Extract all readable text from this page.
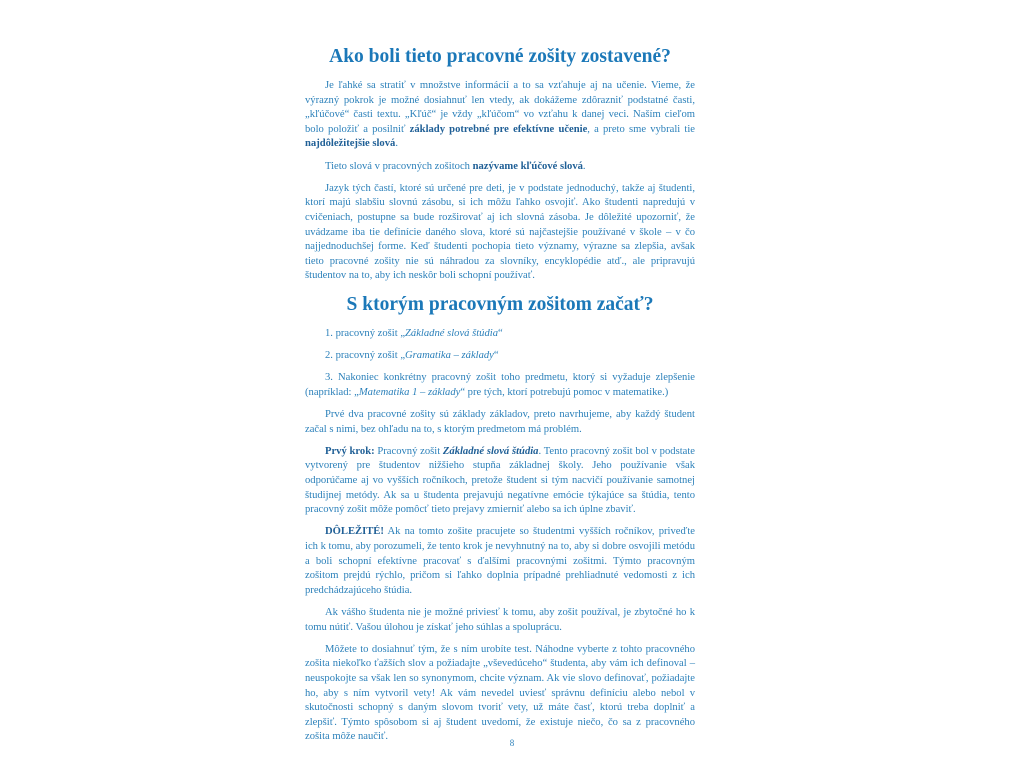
Ako boli tieto pracovné zošity zostavené?

Je ľahké sa stratiť v množstve informácií a to sa vzťahuje aj na učenie. Vieme, že výrazný pokrok je možné dosiahnuť len vtedy, ak dokážeme zdôrazniť podstatné časti, „kľúčové“ časti textu. „Kľúč“ je vždy „kľúčom“ vo vzťahu k danej veci. Naším cieľom bolo položiť a posilniť základy potrebné pre efektívne učenie, a preto sme vybrali tie najdôležitejšie slová.

Tieto slová v pracovných zošitoch nazývame kľúčové slová.

Jazyk tých častí, ktoré sú určené pre deti, je v podstate jednoduchý, takže aj študenti, ktorí majú slabšiu slovnú zásobu, si ich môžu ľahko osvojiť. Ako študenti napredujú v cvičeniach, postupne sa bude rozširovať aj ich slovná zásoba. Je dôležité upozorniť, že uvádzame iba tie definície daného slova, ktoré sú najčastejšie používané v škole – v čo najjednoduchšej forme. Keď študenti pochopia tieto významy, výrazne sa zlepšia, avšak tieto pracovné zošity nie sú náhradou za slovníky, encyklopédie atď., ale pripravujú študentov na to, aby ich neskôr boli schopní používať.

S ktorým pracovným zošitom začať?

1. pracovný zošit „Základné slová štúdia“

2. pracovný zošit „Gramatika – základy“

3. Nakoniec konkrétny pracovný zošit toho predmetu, ktorý si vyžaduje zlepšenie (napríklad: „Matematika 1 – základy“ pre tých, ktorí potrebujú pomoc v matematike.)

Prvé dva pracovné zošity sú základy základov, preto navrhujeme, aby každý študent začal s nimi, bez ohľadu na to, s ktorým predmetom má problém.

Prvý krok: Pracovný zošit Základné slová štúdia. Tento pracovný zošit bol v podstate vytvorený pre študentov nižšieho stupňa základnej školy. Jeho používanie však odporúčame aj vo vyšších ročníkoch, pretože študent si tým nacvičí používanie samotnej študijnej metódy. Ak sa u študenta prejavujú negatívne emócie týkajúce sa štúdia, tento pracovný zošit môže pomôcť tieto prejavy zmierniť alebo sa ich úplne zbaviť.

DÔLEŽITÉ! Ak na tomto zošite pracujete so študentmi vyšších ročníkov, priveďte ich k tomu, aby porozumeli, že tento krok je nevyhnutný na to, aby si dobre osvojili metódu a boli schopní efektívne pracovať s ďalšími pracovnými zošitmi. Týmto pracovným zošitom prejdú rýchlo, pričom si ľahko doplnia prípadné prehliadnuté vedomosti z ich predchádzajúceho štúdia.

Ak vášho študenta nie je možné priviesť k tomu, aby zošit používal, je zbytočné ho k tomu nútiť. Vašou úlohou je získať jeho súhlas a spoluprácu.

Môžete to dosiahnuť tým, že s ním urobíte test. Náhodne vyberte z tohto pracovného zošita niekoľko ťažších slov a požiadajte „vševedúceho“ študenta, aby vám ich definoval – neuspokojte sa však len so synonymom, chcite význam. Ak vie slovo definovať, požiadajte ho, aby s ním vytvoril vety! Ak vám nevedel uviesť správnu definíciu alebo nebol v skutočnosti schopný s daným slovom tvoriť vety, už máte časť, ktorú treba doplniť a zlepšiť. Týmto spôsobom si aj študent uvedomí, že existuje niečo, čo sa z pracovného zošita môže naučiť.

8
